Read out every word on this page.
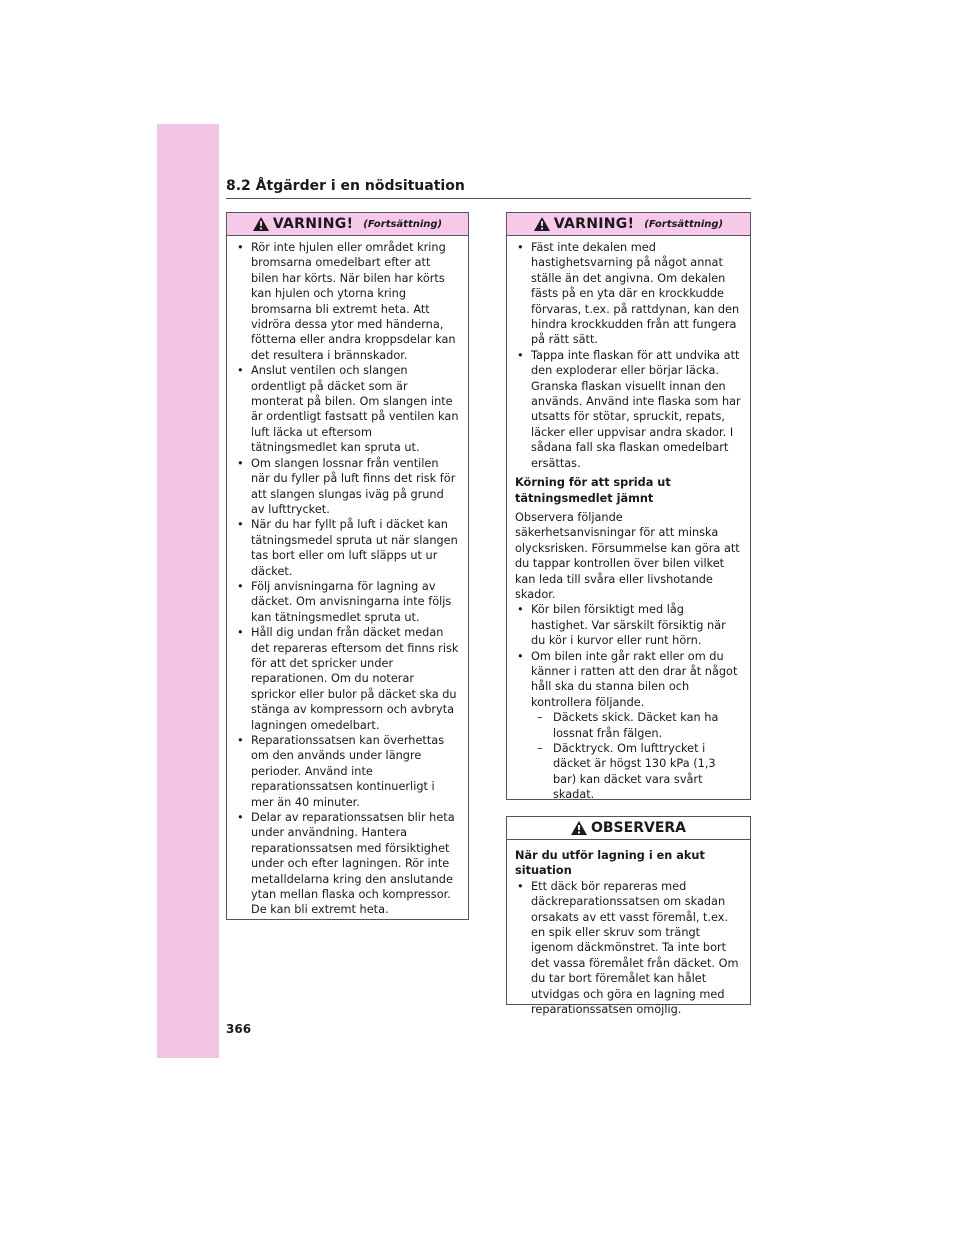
8.2 Åtgärder i en nödsituation
VARNING! (Fortsättning)
• Rör inte hjulen eller området kring bromsarna omedelbart efter att bilen har körts. När bilen har körts kan hjulen och ytorna kring bromsarna bli extremt heta. Att vidröra dessa ytor med händerna, fötterna eller andra kroppsdelar kan det resultera i brännskador.
• Anslut ventilen och slangen ordentligt på däcket som är monterat på bilen. Om slangen inte är ordentligt fastsatt på ventilen kan luft läcka ut eftersom tätningsmedlet kan spruta ut.
• Om slangen lossnar från ventilen när du fyller på luft finns det risk för att slangen slungas iväg på grund av lufttrycket.
• När du har fyllt på luft i däcket kan tätningsmedel spruta ut när slangen tas bort eller om luft släpps ut ur däcket.
• Följ anvisningarna för lagning av däcket. Om anvisningarna inte följs kan tätningsmedlet spruta ut.
• Håll dig undan från däcket medan det repareras eftersom det finns risk för att det spricker under reparationen. Om du noterar sprickor eller bulor på däcket ska du stänga av kompressorn och avbryta lagningen omedelbart.
• Reparationssatsen kan överhettas om den används under längre perioder. Använd inte reparationssatsen kontinuerligt i mer än 40 minuter.
• Delar av reparationssatsen blir heta under användning. Hantera reparationssatsen med försiktighet under och efter lagningen. Rör inte metalldelarna kring den anslutande ytan mellan flaska och kompressor. De kan bli extremt heta.
VARNING! (Fortsättning)
• Fäst inte dekalen med hastighetsvarning på något annat ställe än det angivna. Om dekalen fästs på en yta där en krockkudde förvaras, t.ex. på rattdynan, kan den hindra krockkudden från att fungera på rätt sätt.
• Tappa inte flaskan för att undvika att den exploderar eller börjar läcka. Granska flaskan visuellt innan den används. Använd inte flaska som har utsatts för stötar, spruckit, repats, läcker eller uppvisar andra skador. I sådana fall ska flaskan omedelbart ersättas.
Körning för att sprida ut tätningsmedlet jämnt
Observera följande säkerhetsanvisningar för att minska olycksrisken. Försummelse kan göra att du tappar kontrollen över bilen vilket kan leda till svåra eller livshotande skador.
• Kör bilen försiktigt med låg hastighet. Var särskilt försiktig när du kör i kurvor eller runt hörn.
• Om bilen inte går rakt eller om du känner i ratten att den drar åt något håll ska du stanna bilen och kontrollera följande.
– Däckets skick. Däcket kan ha lossnat från fälgen.
– Däcktryck. Om lufttrycket i däcket är högst 130 kPa (1,3 bar) kan däcket vara svårt skadat.
OBSERVERA
När du utför lagning i en akut situation
• Ett däck bör repareras med däckreparationssatsen om skadan orsakats av ett vasst föremål, t.ex. en spik eller skruv som trängt igenom däckmönstret. Ta inte bort det vassa föremålet från däcket. Om du tar bort föremålet kan hålet utvidgas och göra en lagning med reparationssatsen omöjlig.
366
